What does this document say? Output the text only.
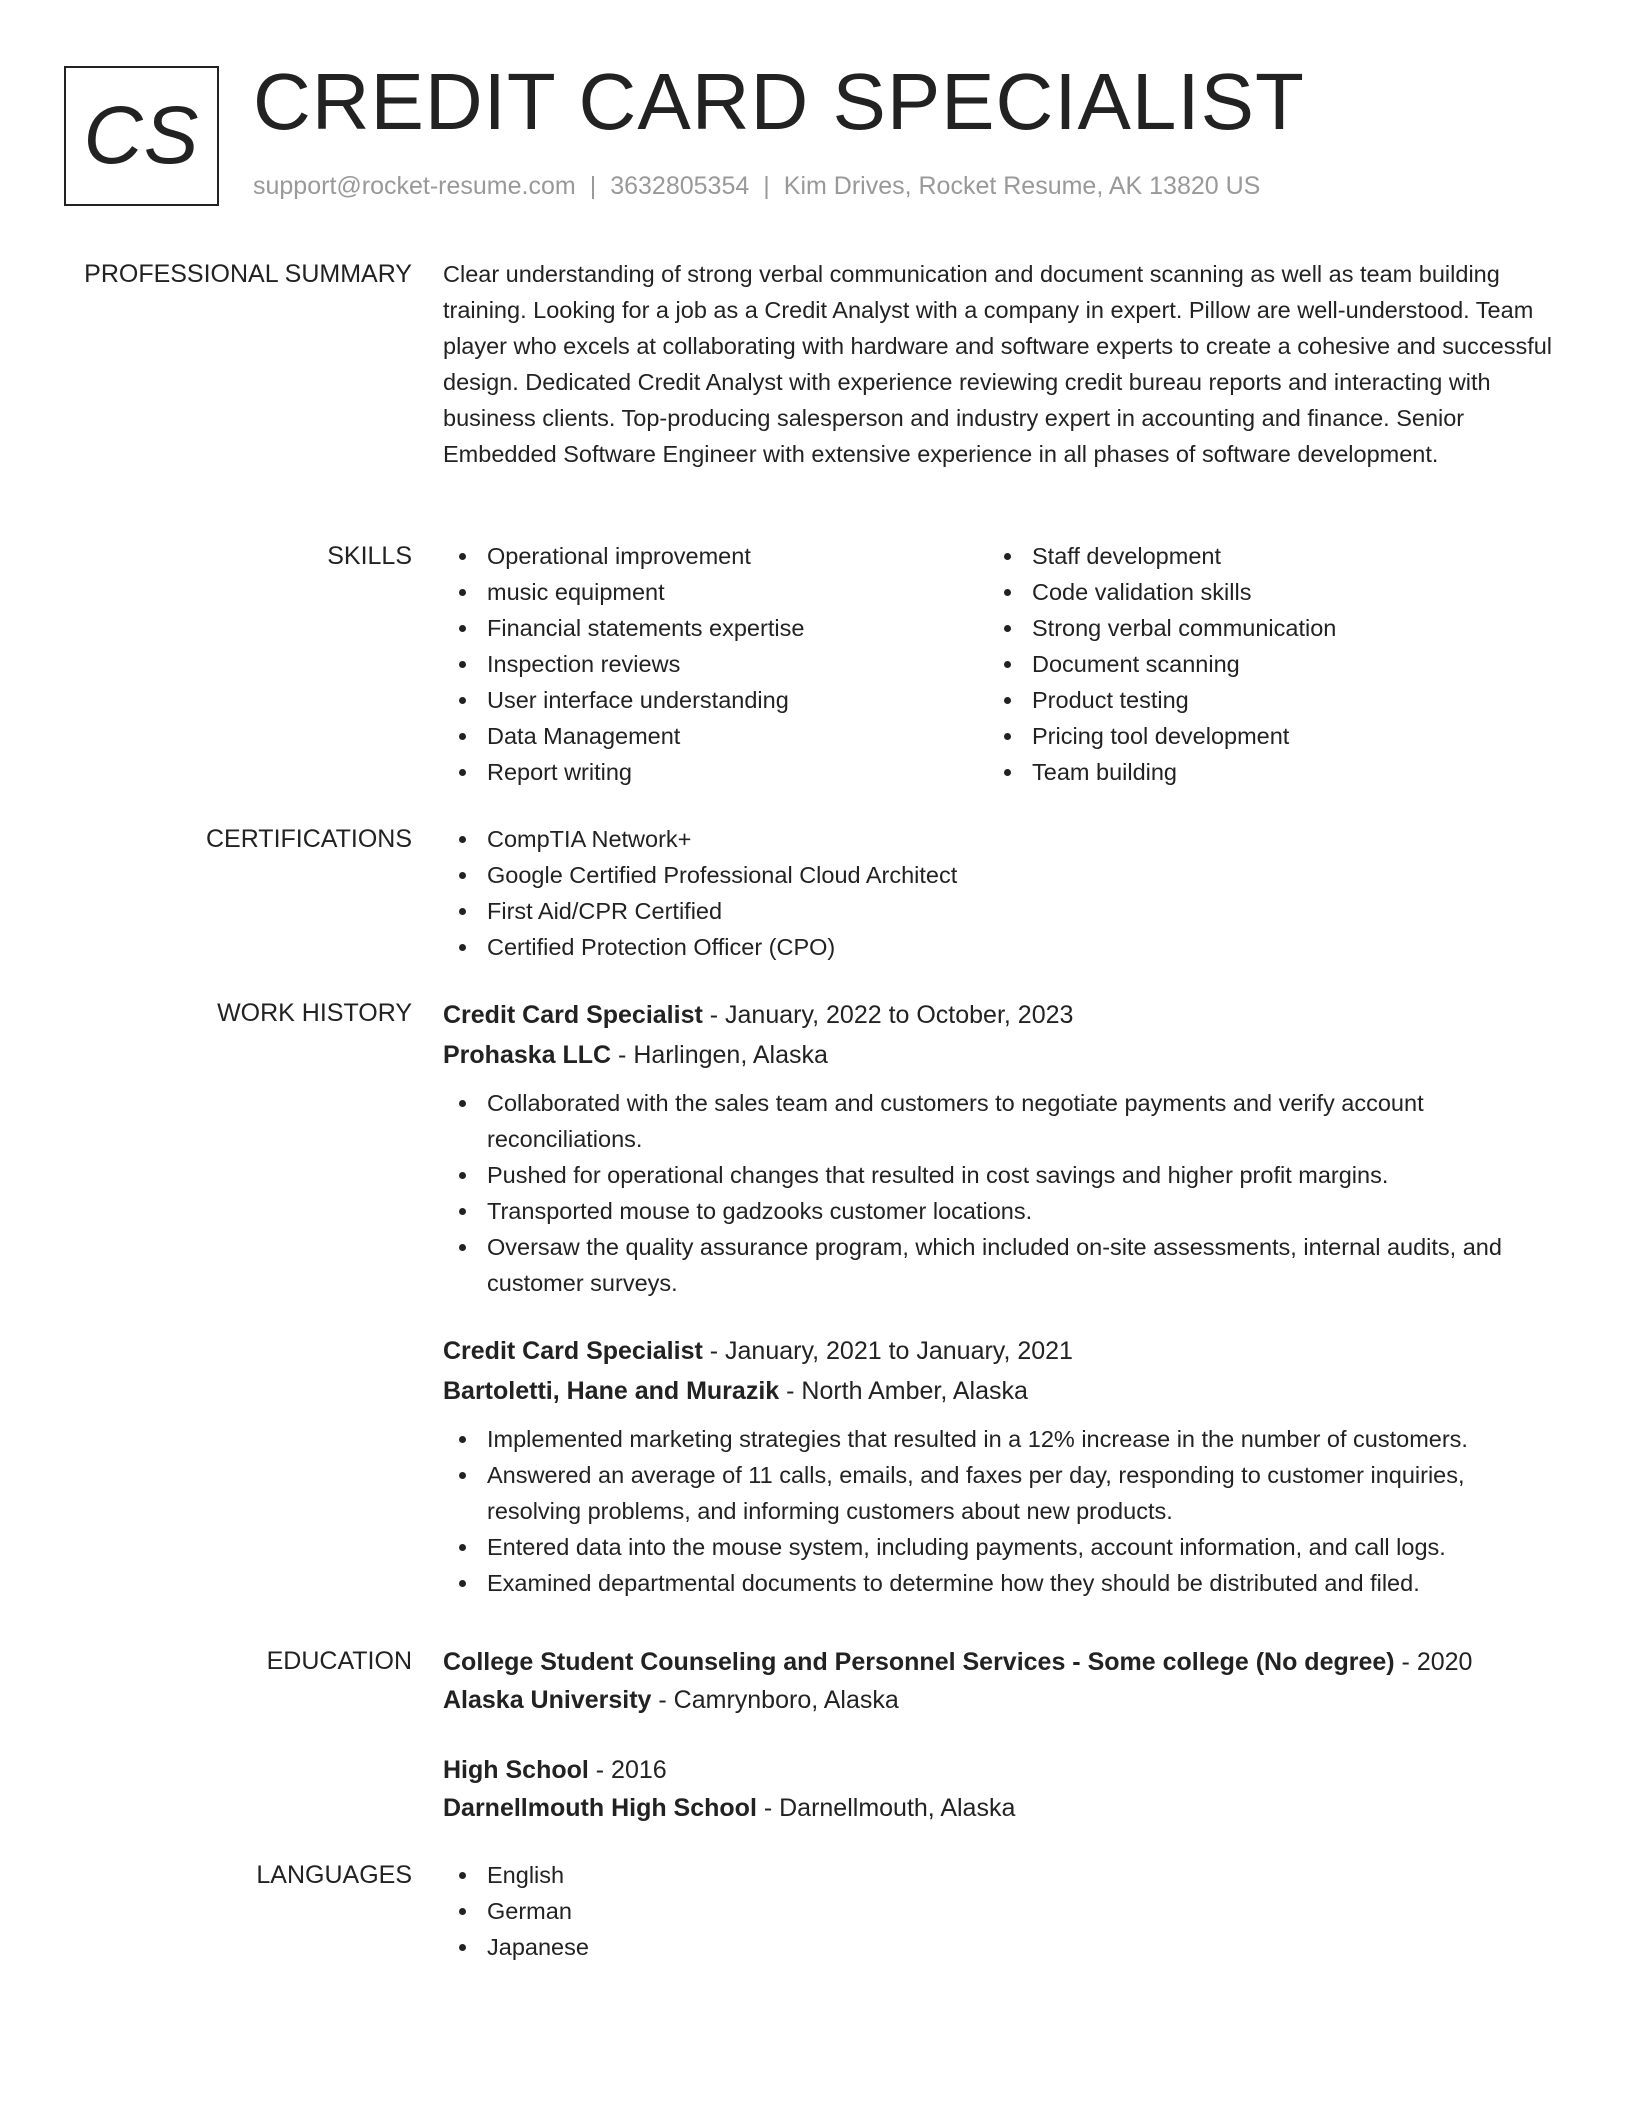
CS CREDIT CARD SPECIALIST
support@rocket-resume.com | 3632805354 | Kim Drives, Rocket Resume, AK 13820 US
PROFESSIONAL SUMMARY Clear understanding of strong verbal communication and document scanning as well as team building training. Looking for a job as a Credit Analyst with a company in expert. Pillow are well-understood. Team player who excels at collaborating with hardware and software experts to create a cohesive and successful design. Dedicated Credit Analyst with experience reviewing credit bureau reports and interacting with business clients. Top-producing salesperson and industry expert in accounting and finance. Senior Embedded Software Engineer with extensive experience in all phases of software development.

SKILLS	Operational improvement
music equipment
Financial statements expertise
Inspection reviews
User interface understanding
Data Management
Report writing
Staff development
Code validation skills
Strong verbal communication
Document scanning
Product testing
Pricing tool development
Team building
CERTIFICATIONS	CompTIA Network+
Google Certified Professional Cloud Architect
First Aid/CPR Certified
Certified Protection Officer (CPO)
WORK HISTORY Credit Card Specialist - January, 2022 to October, 2023
Prohaska LLC - Harlingen, Alaska
Collaborated with the sales team and customers to negotiate payments and verify account reconciliations.
Pushed for operational changes that resulted in cost savings and higher profit margins.
Transported mouse to gadzooks customer locations.
Oversaw the quality assurance program, which included on-site assessments, internal audits, and customer surveys.
Credit Card Specialist - January, 2021 to January, 2021
Bartoletti, Hane and Murazik - North Amber, Alaska
Implemented marketing strategies that resulted in a 12% increase in the number of customers.
Answered an average of 11 calls, emails, and faxes per day, responding to customer inquiries, resolving problems, and informing customers about new products.
Entered data into the mouse system, including payments, account information, and call logs.
Examined departmental documents to determine how they should be distributed and filed.
EDUCATION College Student Counseling and Personnel Services - Some college (No degree) - 2020
Alaska University - Camrynboro, Alaska
High School - 2016
Darnellmouth High School - Darnellmouth, Alaska
LANGUAGES	English
German
Japanese
